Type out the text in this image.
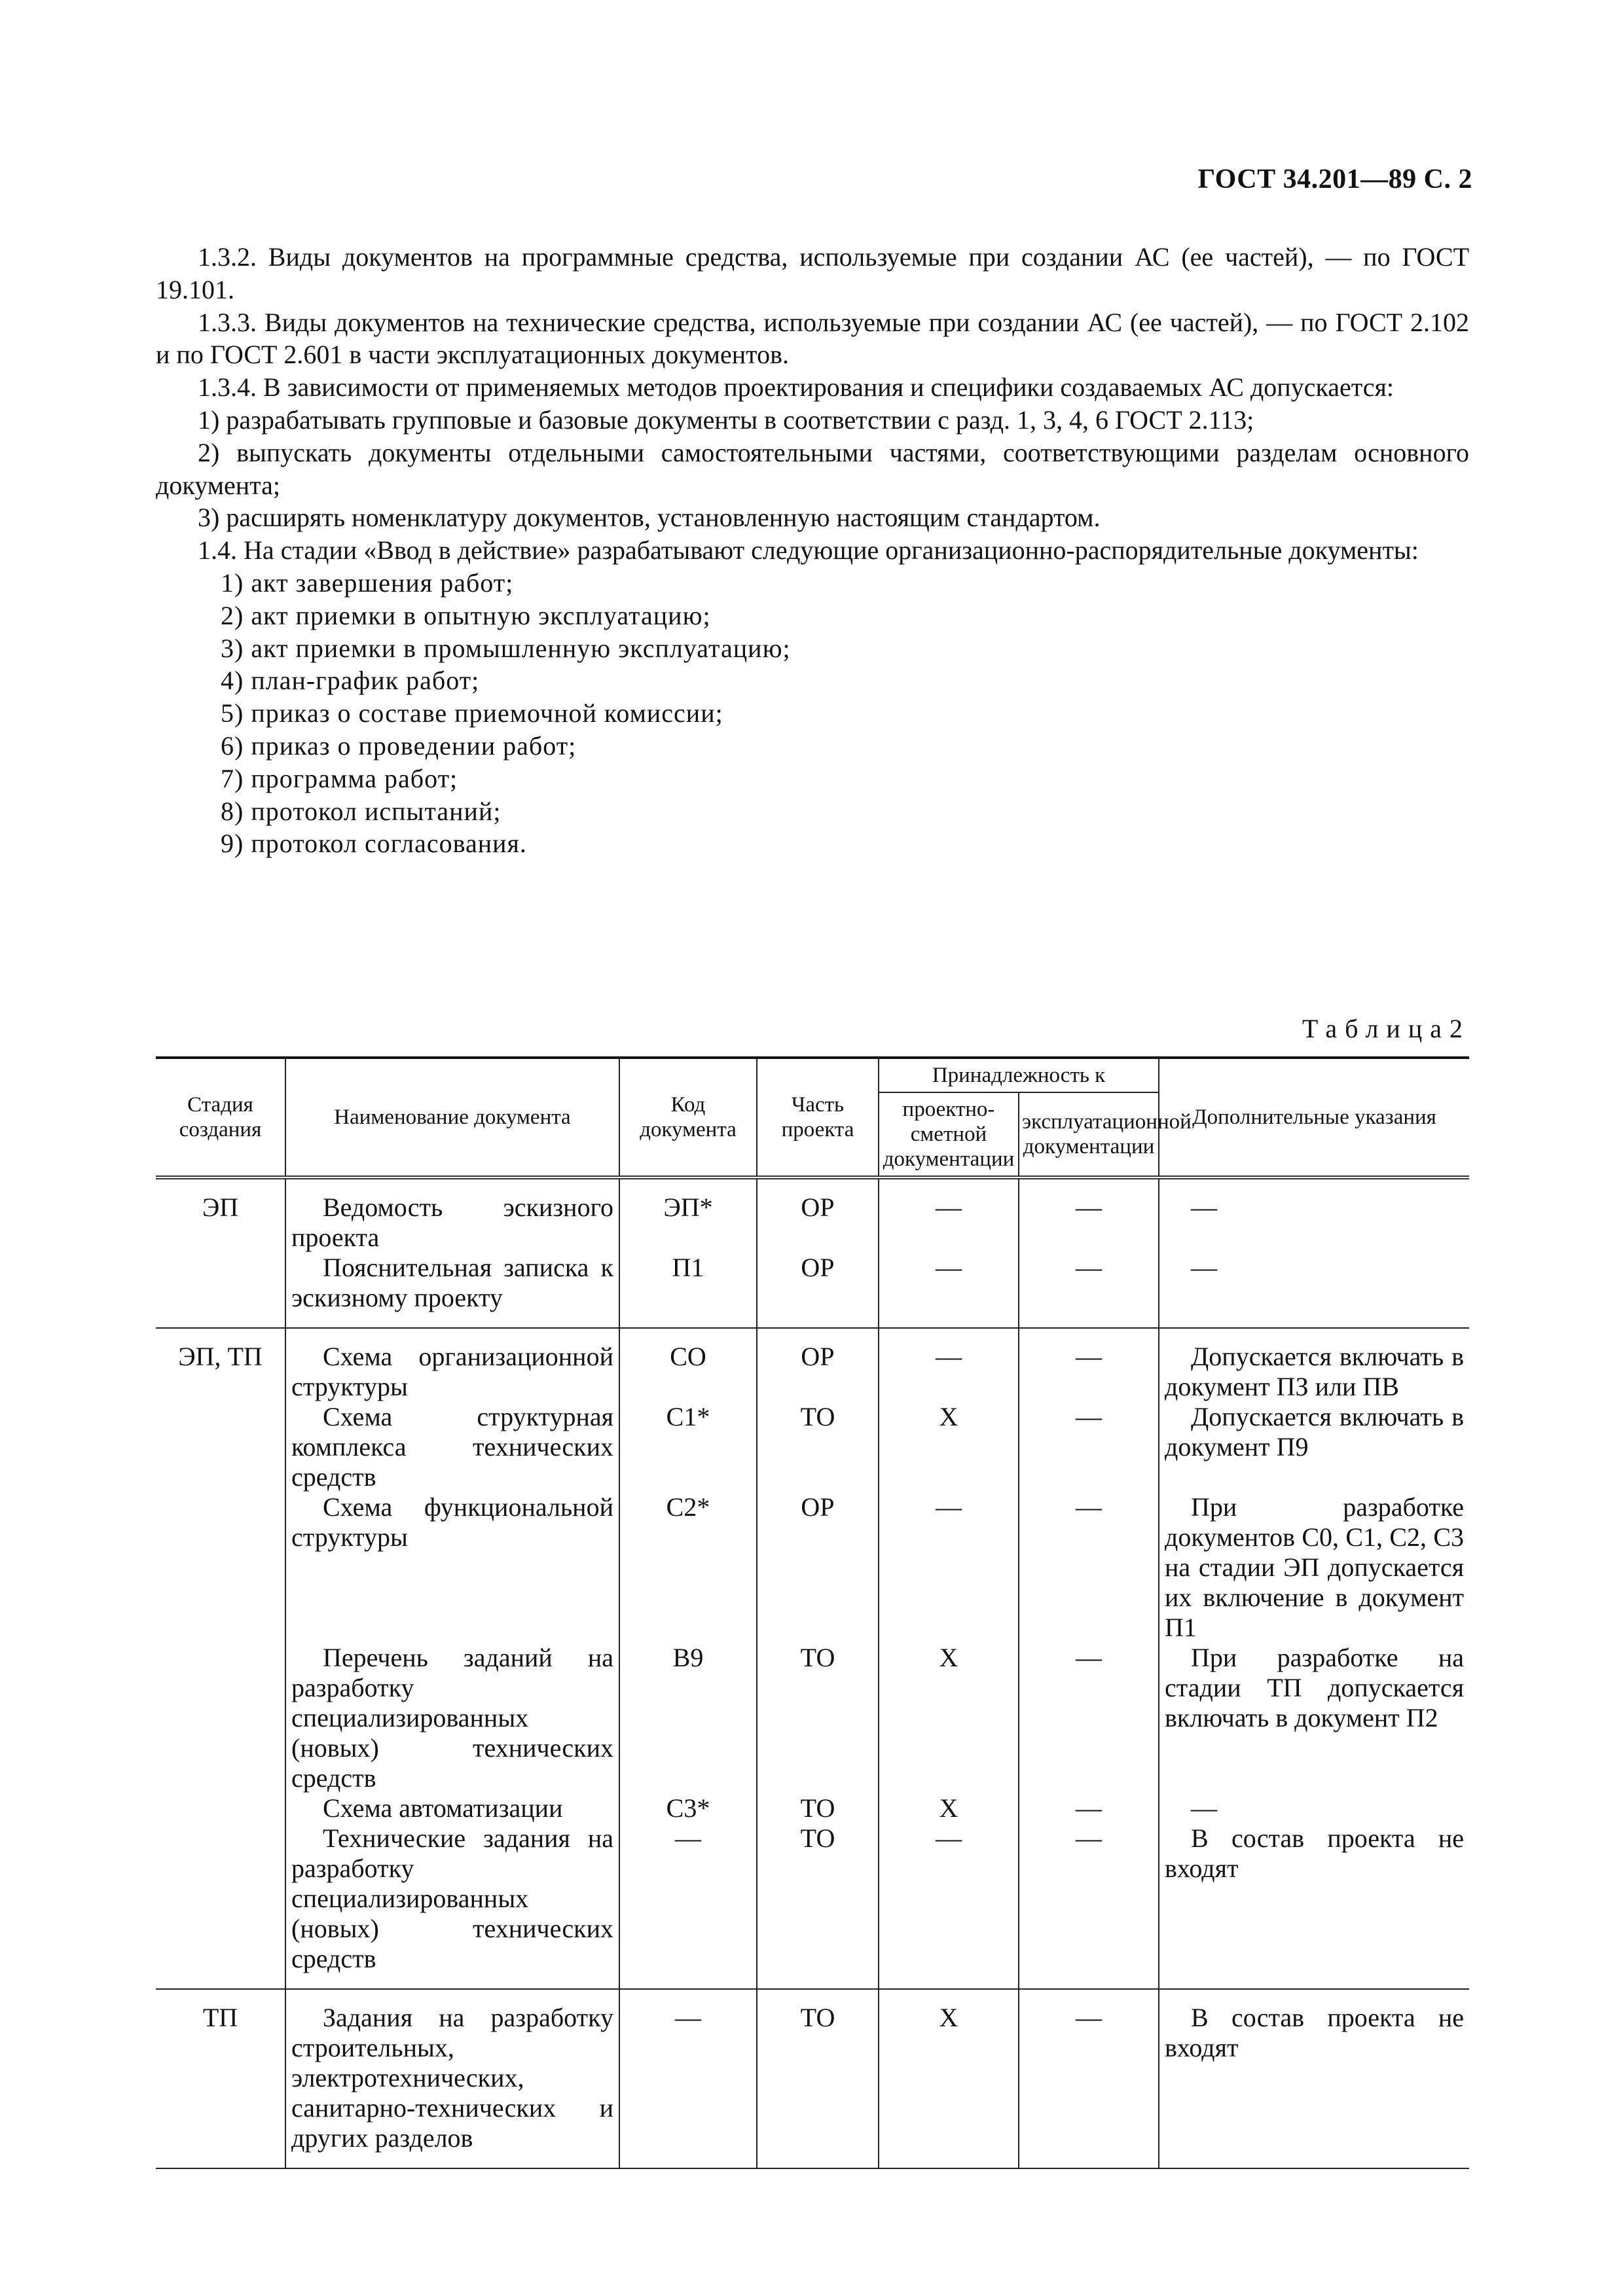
ГОСТ 34.201—89 С. 2

1.3.2. Виды документов на программные средства, используемые при создании АС (ее частей), — по ГОСТ 19.101.

1.3.3. Виды документов на технические средства, используемые при создании АС (ее частей), — по ГОСТ 2.102 и по ГОСТ 2.601 в части эксплуатационных документов.

1.3.4. В зависимости от применяемых методов проектирования и специфики создаваемых АС допускается:

1) разрабатывать групповые и базовые документы в соответствии с разд. 1, 3, 4, 6 ГОСТ 2.113;

2) выпускать документы отдельными самостоятельными частями, соответствующими разделам основного документа;

3) расширять номенклатуру документов, установленную настоящим стандартом.

1.4. На стадии «Ввод в действие» разрабатывают следующие организационно-распорядительные документы:

1) акт завершения работ;

2) акт приемки в опытную эксплуатацию;

3) акт приемки в промышленную эксплуатацию;

4) план-график работ;

5) приказ о составе приемочной комиссии;

6) приказ о проведении работ;

7) программа работ;

8) протокол испытаний;

9) протокол согласования.

Таблица2
Стадия создания	Наименование документа	Код документа	Часть проекта	Принадлежность к		Дополнительные указания
				проектно-сметной документации	эксплуатационной документации	
ЭП	Ведомость эскизного проекта	ЭП*	ОР	—	—	—
	Пояснительная записка к эскизному проекту	П1	ОР	—	—	—
ЭП, ТП	Схема организационной структуры	СО	ОР	—	—	Допускается включать в документ ПЗ или ПВ
	Схема структурная комплекса технических средств	С1*	ТО	Х	—	Допускается включать в документ П9
	Схема функциональной структуры	С2*	ОР	—	—	При разработке документов С0, С1, С2, С3 на стадии ЭП допускается их включение в документ П1
	Перечень заданий на разработку специализированных (новых) технических средств	В9	ТО	Х	—	При разработке на стадии ТП допускается включать в документ П2
	Схема автоматизации	С3*	ТО	Х	—	—
	Технические задания на разработку специализированных (новых) технических средств	—	ТО	—	—	В состав проекта не входят
ТП	Задания на разработку строительных, электротехнических, санитарно-технических и других разделов	—	ТО	Х	—	В состав проекта не входят
